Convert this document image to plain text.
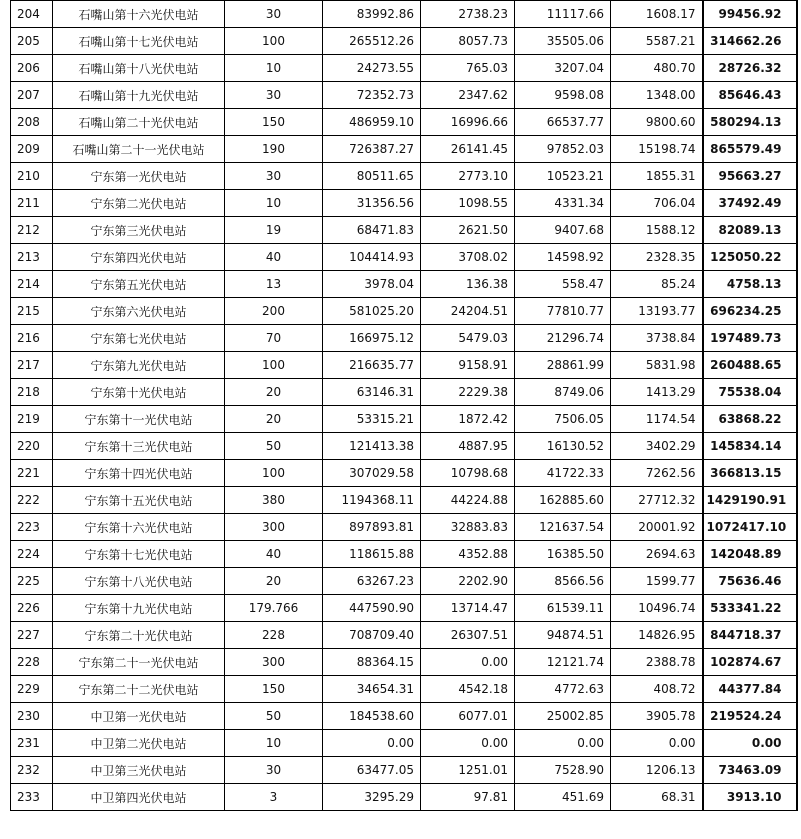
204	石嘴山第十六光伏电站	30	83992.86	2738.23	11117.66	1608.17	99456.92
205	石嘴山第十七光伏电站	100	265512.26	8057.73	35505.06	5587.21	314662.26
206	石嘴山第十八光伏电站	10	24273.55	765.03	3207.04	480.70	28726.32
207	石嘴山第十九光伏电站	30	72352.73	2347.62	9598.08	1348.00	85646.43
208	石嘴山第二十光伏电站	150	486959.10	16996.66	66537.77	9800.60	580294.13
209	石嘴山第二十一光伏电站	190	726387.27	26141.45	97852.03	15198.74	865579.49
210	宁东第一光伏电站	30	80511.65	2773.10	10523.21	1855.31	95663.27
211	宁东第二光伏电站	10	31356.56	1098.55	4331.34	706.04	37492.49
212	宁东第三光伏电站	19	68471.83	2621.50	9407.68	1588.12	82089.13
213	宁东第四光伏电站	40	104414.93	3708.02	14598.92	2328.35	125050.22
214	宁东第五光伏电站	13	3978.04	136.38	558.47	85.24	4758.13
215	宁东第六光伏电站	200	581025.20	24204.51	77810.77	13193.77	696234.25
216	宁东第七光伏电站	70	166975.12	5479.03	21296.74	3738.84	197489.73
217	宁东第九光伏电站	100	216635.77	9158.91	28861.99	5831.98	260488.65
218	宁东第十光伏电站	20	63146.31	2229.38	8749.06	1413.29	75538.04
219	宁东第十一光伏电站	20	53315.21	1872.42	7506.05	1174.54	63868.22
220	宁东第十三光伏电站	50	121413.38	4887.95	16130.52	3402.29	145834.14
221	宁东第十四光伏电站	100	307029.58	10798.68	41722.33	7262.56	366813.15
222	宁东第十五光伏电站	380	1194368.11	44224.88	162885.60	27712.32	1429190.91
223	宁东第十六光伏电站	300	897893.81	32883.83	121637.54	20001.92	1072417.10
224	宁东第十七光伏电站	40	118615.88	4352.88	16385.50	2694.63	142048.89
225	宁东第十八光伏电站	20	63267.23	2202.90	8566.56	1599.77	75636.46
226	宁东第十九光伏电站	179.766	447590.90	13714.47	61539.11	10496.74	533341.22
227	宁东第二十光伏电站	228	708709.40	26307.51	94874.51	14826.95	844718.37
228	宁东第二十一光伏电站	300	88364.15	0.00	12121.74	2388.78	102874.67
229	宁东第二十二光伏电站	150	34654.31	4542.18	4772.63	408.72	44377.84
230	中卫第一光伏电站	50	184538.60	6077.01	25002.85	3905.78	219524.24
231	中卫第二光伏电站	10	0.00	0.00	0.00	0.00	0.00
232	中卫第三光伏电站	30	63477.05	1251.01	7528.90	1206.13	73463.09
233	中卫第四光伏电站	3	3295.29	97.81	451.69	68.31	3913.10
